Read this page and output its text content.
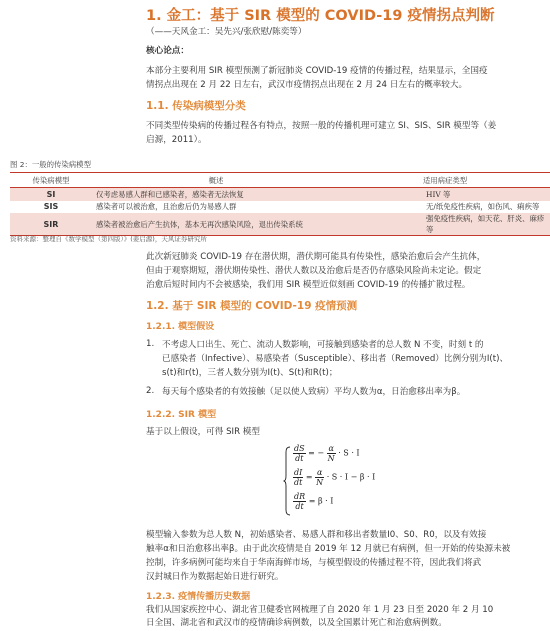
1. 金工：基于 SIR 模型的 COVID-19 疫情拐点判断
（——天风金工：吴先兴/张欣慰/陈奕等）
核心论点：
本部分主要利用 SIR 模型预测了新冠肺炎 COVID-19 疫情的传播过程，结果显示，全国疫
情拐点出现在 2 月 22 日左右，武汉市疫情拐点出现在 2 月 24 日左右的概率较大。
1.1. 传染病模型分类
不同类型传染病的传播过程各有特点，按照一般的传播机理可建立 SI、SIS、SIR 模型等（姜
启源，2011）。
图 2：一般的传染病模型
传染病模型	概述	适用病症类型
SI	仅考虑易感人群和已感染者，感染者无法恢复	HIV 等
SIS	感染者可以被治愈，且治愈后仍为易感人群	无/纸免疫性疾病，如伤风、痢疾等
SIR	感染者被治愈后产生抗体，基本无再次感染风险，退出传染系统	强免疫性疾病，如天花、肝炎、麻疹等
资料来源：整理自《数学模型（第四版）》(姜启源)，天风证券研究所
此次新冠肺炎 COVID-19 存在潜伏期，潜伏期可能具有传染性，感染治愈后会产生抗体，
但由于观察期短，潜伏期传染性、潜伏人数以及治愈后是否仍存感染风险尚未定论。假定
治愈后短时间内不会被感染，我们用 SIR 模型近似刻画 COVID-19 的传播扩散过程。
1.2. 基于 SIR 模型的 COVID-19 疫情预测
1.2.1. 模型假设
1. 不考虑人口出生、死亡、流动人数影响，可接触到感染者的总人数 N 不变，时刻 t 的
已感染者（Infective）、易感染者（Susceptible）、移出者（Removed）比例分别为I(t)、
s(t)和r(t)，三者人数分别为I(t)、S(t)和R(t)；
2. 每天每个感染者的有效接触（足以使人致病）平均人数为α，日治愈移出率为β。
1.2.2. SIR 模型
基于以上假设，可得 SIR 模型
$\frac{dS}{dt}$ = − $\frac{\alpha}{N} \cdot S \cdot I$
$\frac{dI}{dt} = \frac{\alpha}{N} \cdot S \cdot I - \beta \cdot I$
$\frac{dR}{dt} = \beta \cdot I$
模型输入参数为总人数 N，初始感染者、易感人群和移出者数量I0、S0、R0，以及有效接
触率α和日治愈移出率β。由于此次疫情是自 2019 年 12 月就已有病例，但一开始的传染源未被
控制，许多病例可能均来自于华南海鲜市场，与模型假设的传播过程不符，因此我们将武
汉封城日作为数据起始日进行研究。
1.2.3. 疫情传播历史数据
我们从国家疾控中心、湖北省卫健委官网梳理了自 2020 年 1 月 23 日至 2020 年 2 月 10
日全国、湖北省和武汉市的疫情确诊病例数，以及全国累计死亡和治愈病例数。
